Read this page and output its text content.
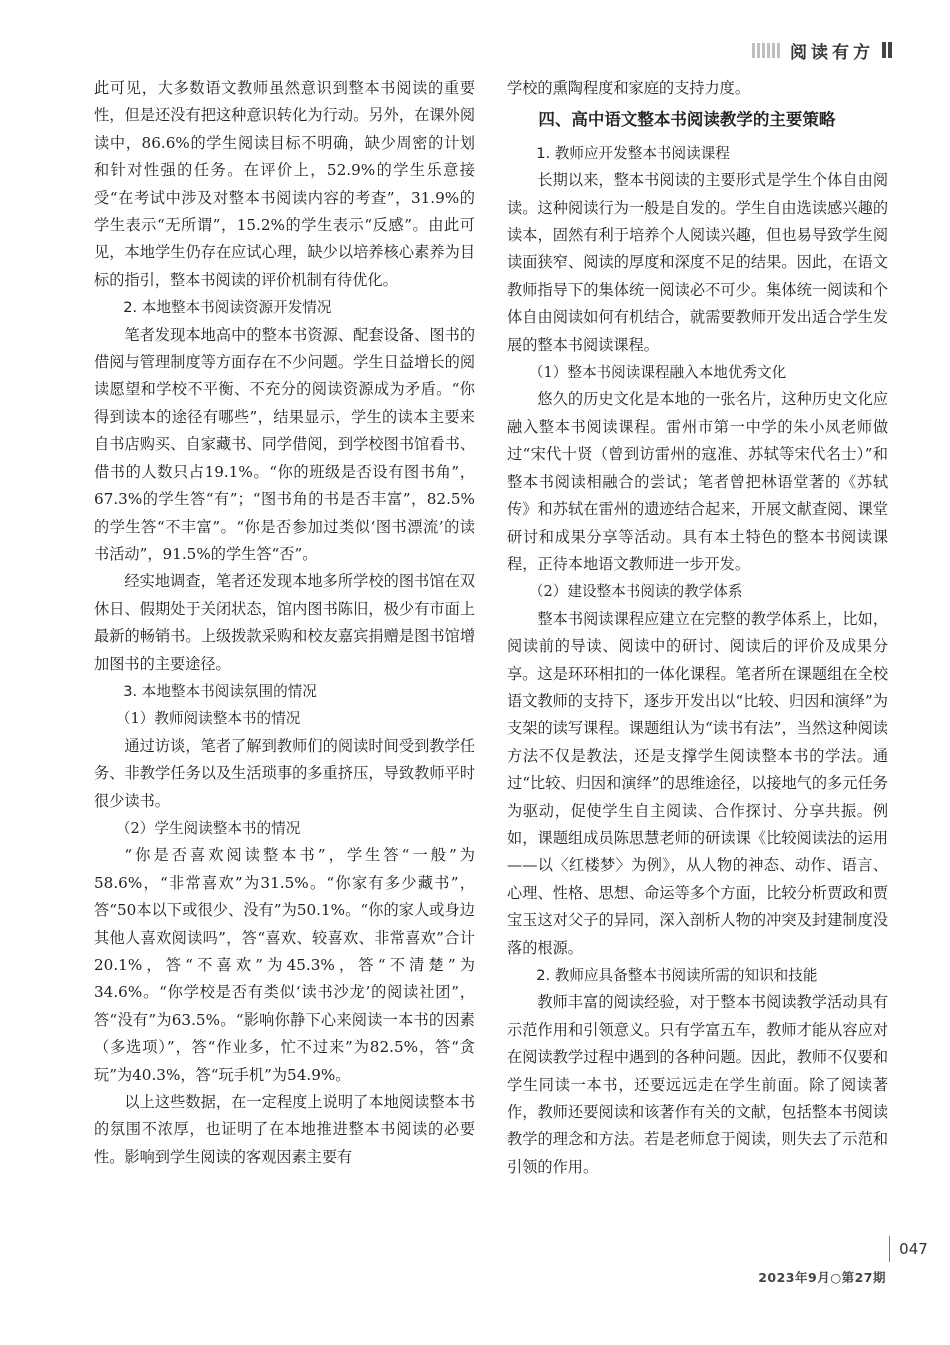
阅读有方

此可见，大多数语文教师虽然意识到整本书阅读的重要性，但是还没有把这种意识转化为行动。另外，在课外阅读中，86.6%的学生阅读目标不明确，缺少周密的计划和针对性强的任务。在评价上，52.9%的学生乐意接受“在考试中涉及对整本书阅读内容的考查”，31.9%的学生表示“无所谓”，15.2%的学生表示“反感”。由此可见，本地学生仍存在应试心理，缺少以培养核心素养为目标的指引，整本书阅读的评价机制有待优化。

2. 本地整本书阅读资源开发情况

笔者发现本地高中的整本书资源、配套设备、图书的借阅与管理制度等方面存在不少问题。学生日益增长的阅读愿望和学校不平衡、不充分的阅读资源成为矛盾。“你得到读本的途径有哪些”，结果显示，学生的读本主要来自书店购买、自家藏书、同学借阅，到学校图书馆看书、借书的人数只占19.1%。“你的班级是否设有图书角”，67.3%的学生答“有”；“图书角的书是否丰富”，82.5%的学生答“不丰富”。“你是否参加过类似‘图书漂流’的读书活动”，91.5%的学生答“否”。

经实地调查，笔者还发现本地多所学校的图书馆在双休日、假期处于关闭状态，馆内图书陈旧，极少有市面上最新的畅销书。上级拨款采购和校友嘉宾捐赠是图书馆增加图书的主要途径。

3. 本地整本书阅读氛围的情况

（1）教师阅读整本书的情况

通过访谈，笔者了解到教师们的阅读时间受到教学任务、非教学任务以及生活琐事的多重挤压，导致教师平时很少读书。

（2）学生阅读整本书的情况

“你是否喜欢阅读整本书”，学生答“一般”为58.6%，“非常喜欢”为31.5%。“你家有多少藏书”，答“50本以下或很少、没有”为50.1%。“你的家人或身边其他人喜欢阅读吗”，答“喜欢、较喜欢、非常喜欢”合计20.1%，答“不喜欢”为45.3%，答“不清楚”为34.6%。“你学校是否有类似‘读书沙龙’的阅读社团”，答“没有”为63.5%。“影响你静下心来阅读一本书的因素（多选项）”，答“作业多，忙不过来”为82.5%，答“贪玩”为40.3%，答“玩手机”为54.9%。

以上这些数据，在一定程度上说明了本地阅读整本书的氛围不浓厚，也证明了在本地推进整本书阅读的必要性。影响到学生阅读的客观因素主要有

学校的熏陶程度和家庭的支持力度。

四、高中语文整本书阅读教学的主要策略

1. 教师应开发整本书阅读课程

长期以来，整本书阅读的主要形式是学生个体自由阅读。这种阅读行为一般是自发的。学生自由选读感兴趣的读本，固然有利于培养个人阅读兴趣，但也易导致学生阅读面狭窄、阅读的厚度和深度不足的结果。因此，在语文教师指导下的集体统一阅读必不可少。集体统一阅读和个体自由阅读如何有机结合，就需要教师开发出适合学生发展的整本书阅读课程。

（1）整本书阅读课程融入本地优秀文化

悠久的历史文化是本地的一张名片，这种历史文化应融入整本书阅读课程。雷州市第一中学的朱小凤老师做过“宋代十贤（曾到访雷州的寇准、苏轼等宋代名士）”和整本书阅读相融合的尝试；笔者曾把林语堂著的《苏轼传》和苏轼在雷州的遗迹结合起来，开展文献查阅、课堂研讨和成果分享等活动。具有本土特色的整本书阅读课程，正待本地语文教师进一步开发。

（2）建设整本书阅读的教学体系

整本书阅读课程应建立在完整的教学体系上，比如，阅读前的导读、阅读中的研讨、阅读后的评价及成果分享。这是环环相扣的一体化课程。笔者所在课题组在全校语文教师的支持下，逐步开发出以“比较、归因和演绎”为支架的读写课程。课题组认为“读书有法”，当然这种阅读方法不仅是教法，还是支撑学生阅读整本书的学法。通过“比较、归因和演绎”的思维途径，以接地气的多元任务为驱动，促使学生自主阅读、合作探讨、分享共振。例如，课题组成员陈思慧老师的研读课《比较阅读法的运用——以〈红楼梦〉为例》，从人物的神态、动作、语言、心理、性格、思想、命运等多个方面，比较分析贾政和贾宝玉这对父子的异同，深入剖析人物的冲突及封建制度没落的根源。

2. 教师应具备整本书阅读所需的知识和技能

教师丰富的阅读经验，对于整本书阅读教学活动具有示范作用和引领意义。只有学富五车，教师才能从容应对在阅读教学过程中遇到的各种问题。因此，教师不仅要和学生同读一本书，还要远远走在学生前面。除了阅读著作，教师还要阅读和该著作有关的文献，包括整本书阅读教学的理念和方法。若是老师怠于阅读，则失去了示范和引领的作用。

047
2023年9月○第27期
